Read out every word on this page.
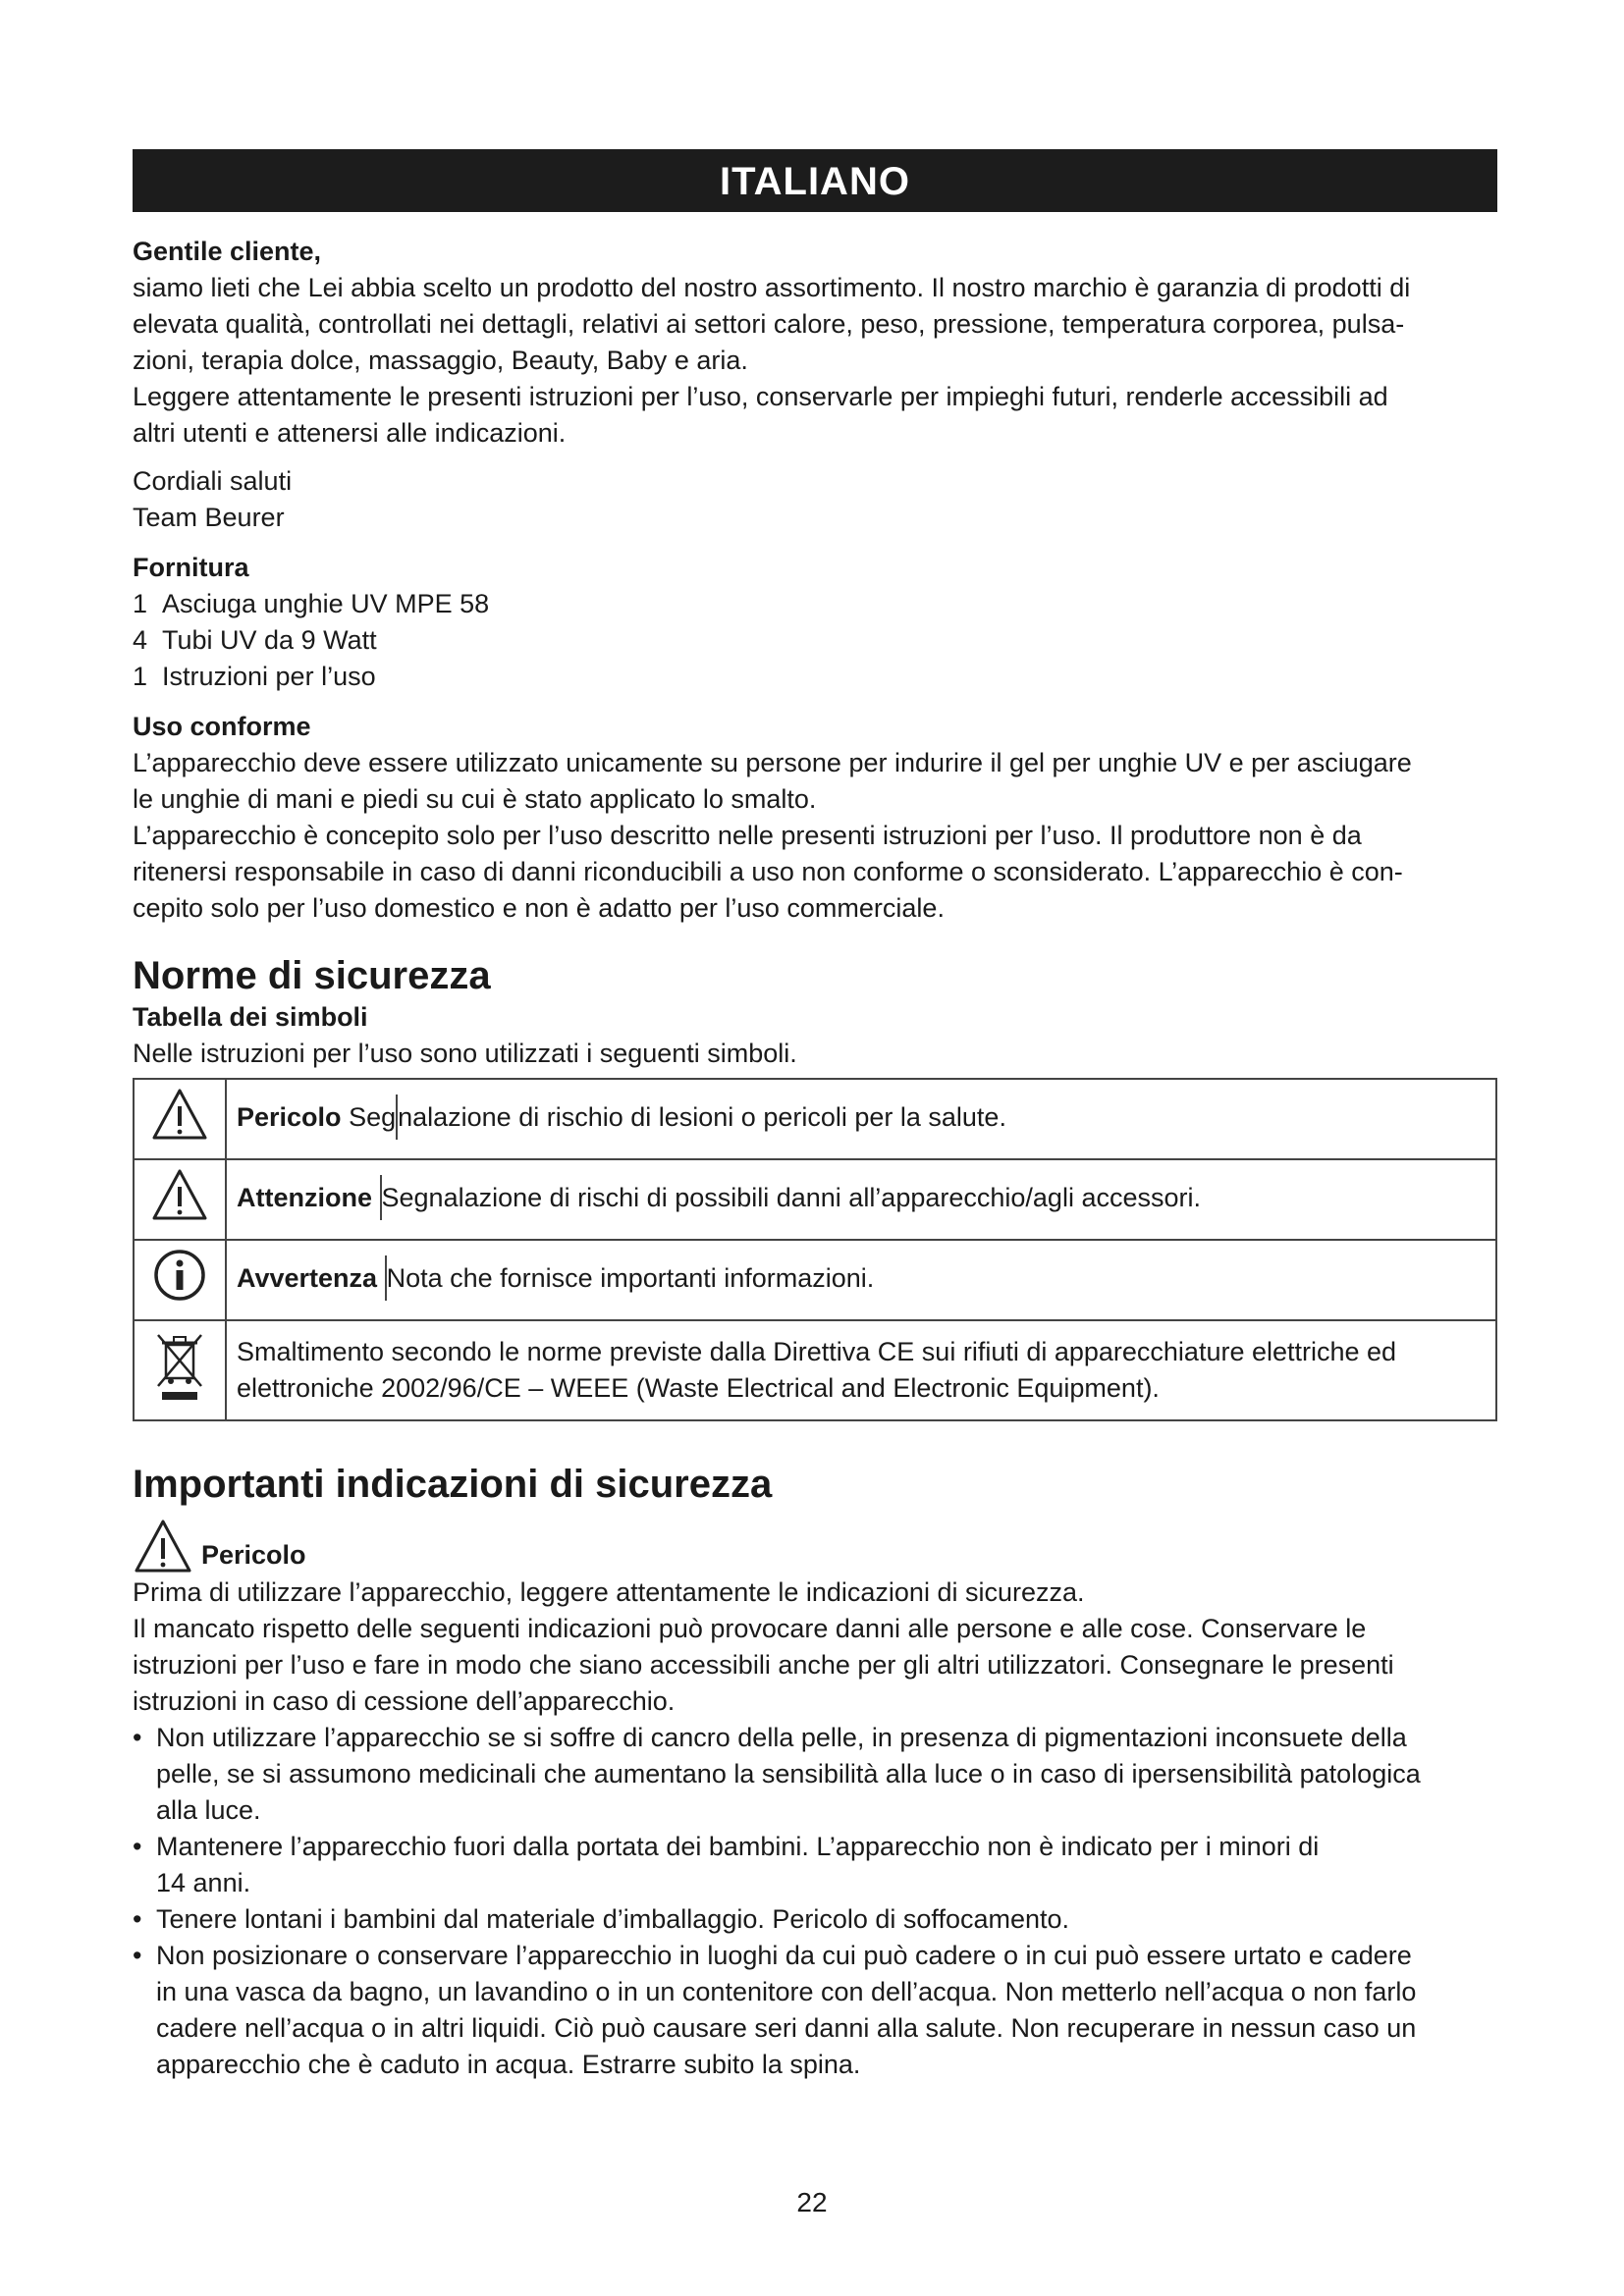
ITALIANO
Gentile cliente,
siamo lieti che Lei abbia scelto un prodotto del nostro assortimento. Il nostro marchio è garanzia di prodotti di
elevata qualità, controllati nei dettagli, relativi ai settori calore, peso, pressione, temperatura corporea, pulsa-
zioni, terapia dolce, massaggio, Beauty, Baby e aria.
Leggere attentamente le presenti istruzioni per l’uso, conservarle per impieghi futuri, renderle accessibili ad
altri utenti e attenersi alle indicazioni.
Cordiali saluti
Team Beurer
Fornitura
1 Asciuga unghie UV MPE 58
4 Tubi UV da 9 Watt
1 Istruzioni per l’uso
Uso conforme
L’apparecchio deve essere utilizzato unicamente su persone per indurire il gel per unghie UV e per asciugare
le unghie di mani e piedi su cui è stato applicato lo smalto.
L’apparecchio è concepito solo per l’uso descritto nelle presenti istruzioni per l’uso. Il produttore non è da
ritenersi responsabile in caso di danni riconducibili a uso non conforme o sconsiderato. L’apparecchio è con-
cepito solo per l’uso domestico e non è adatto per l’uso commerciale.
Norme di sicurezza
Tabella dei simboli
Nelle istruzioni per l’uso sono utilizzati i seguenti simboli.
	Pericolo Segnalazione di rischio di lesioni o pericoli per la salute.
	Attenzione Segnalazione di rischi di possibili danni all’apparecchio/agli accessori.
	Avvertenza Nota che fornisce importanti informazioni.

Smaltimento secondo le norme previste dalla Direttiva CE sui rifiuti di apparecchiature elettriche ed
elettroniche 2002/96/CE – WEEE (Waste Electrical and Electronic Equipment).
Importanti indicazioni di sicurezza
Pericolo
Prima di utilizzare l’apparecchio, leggere attentamente le indicazioni di sicurezza.
Il mancato rispetto delle seguenti indicazioni può provocare danni alle persone e alle cose. Conservare le
istruzioni per l’uso e fare in modo che siano accessibili anche per gli altri utilizzatori. Consegnare le presenti
istruzioni in caso di cessione dell’apparecchio.
• Non utilizzare l’apparecchio se si soffre di cancro della pelle, in presenza di pigmentazioni inconsuete della
pelle, se si assumono medicinali che aumentano la sensibilità alla luce o in caso di ipersensibilità patologica
alla luce.
• Mantenere l’apparecchio fuori dalla portata dei bambini. L’apparecchio non è indicato per i minori di
14 anni.
• Tenere lontani i bambini dal materiale d’imballaggio. Pericolo di soffocamento.
• Non posizionare o conservare l’apparecchio in luoghi da cui può cadere o in cui può essere urtato e cadere
in una vasca da bagno, un lavandino o in un contenitore con dell’acqua. Non metterlo nell’acqua o non farlo
cadere nell’acqua o in altri liquidi. Ciò può causare seri danni alla salute. Non recuperare in nessun caso un
apparecchio che è caduto in acqua. Estrarre subito la spina.
22
